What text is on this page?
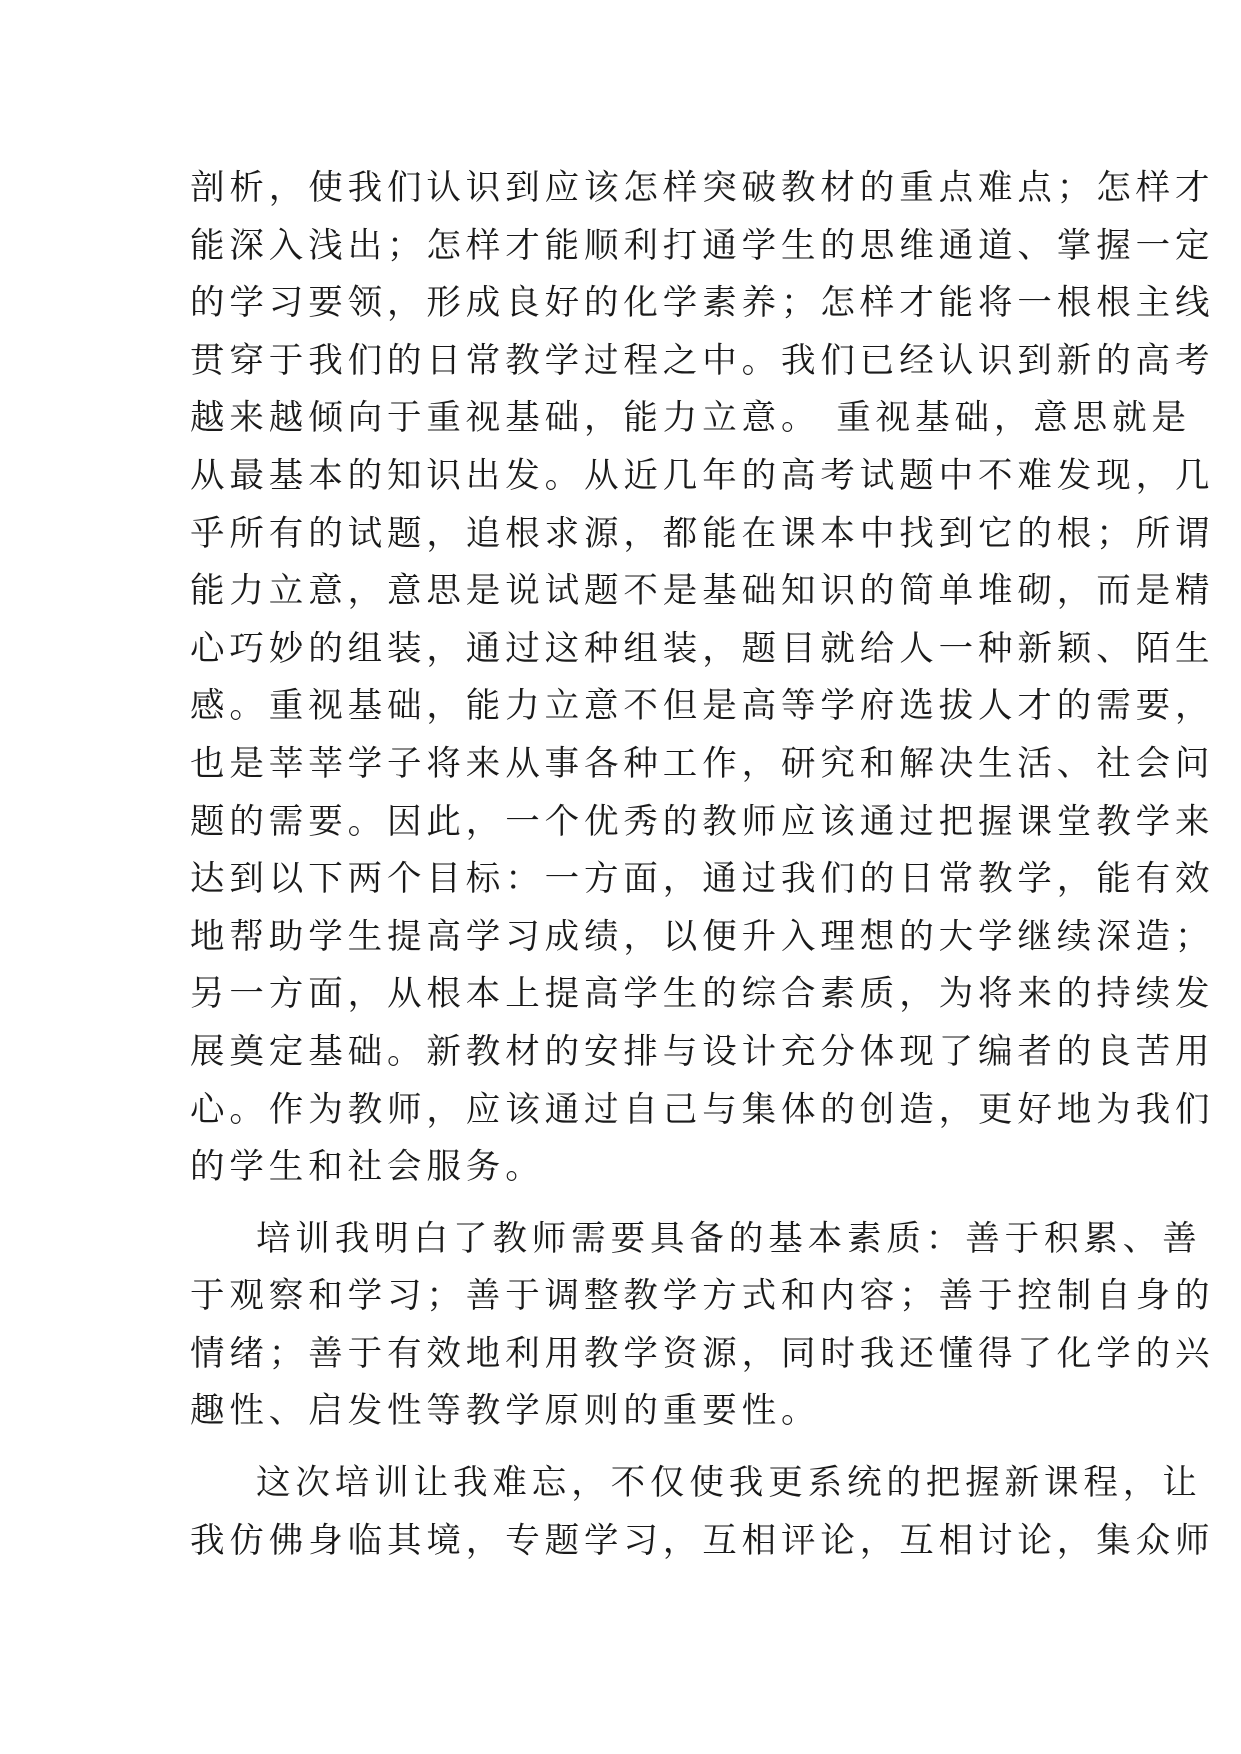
剖析，使我们认识到应该怎样突破教材的重点难点；怎样才
能深入浅出；怎样才能顺利打通学生的思维通道、掌握一定
的学习要领，形成良好的化学素养；怎样才能将一根根主线
贯穿于我们的日常教学过程之中。我们已经认识到新的高考
越来越倾向于重视基础，能力立意。 重视基础，意思就是
从最基本的知识出发。从近几年的高考试题中不难发现，几
乎所有的试题，追根求源，都能在课本中找到它的根；所谓
能力立意，意思是说试题不是基础知识的简单堆砌，而是精
心巧妙的组装，通过这种组装，题目就给人一种新颖、陌生
感。重视基础，能力立意不但是高等学府选拔人才的需要，
也是莘莘学子将来从事各种工作，研究和解决生活、社会问
题的需要。因此，一个优秀的教师应该通过把握课堂教学来
达到以下两个目标：一方面，通过我们的日常教学，能有效
地帮助学生提高学习成绩，以便升入理想的大学继续深造；
另一方面，从根本上提高学生的综合素质，为将来的持续发
展奠定基础。新教材的安排与设计充分体现了编者的良苦用
心。作为教师，应该通过自己与集体的创造，更好地为我们
的学生和社会服务。
培训我明白了教师需要具备的基本素质：善于积累、善
于观察和学习；善于调整教学方式和内容；善于控制自身的
情绪；善于有效地利用教学资源，同时我还懂得了化学的兴
趣性、启发性等教学原则的重要性。
这次培训让我难忘，不仅使我更系统的把握新课程，让
我仿佛身临其境，专题学习，互相评论，互相讨论，集众师
